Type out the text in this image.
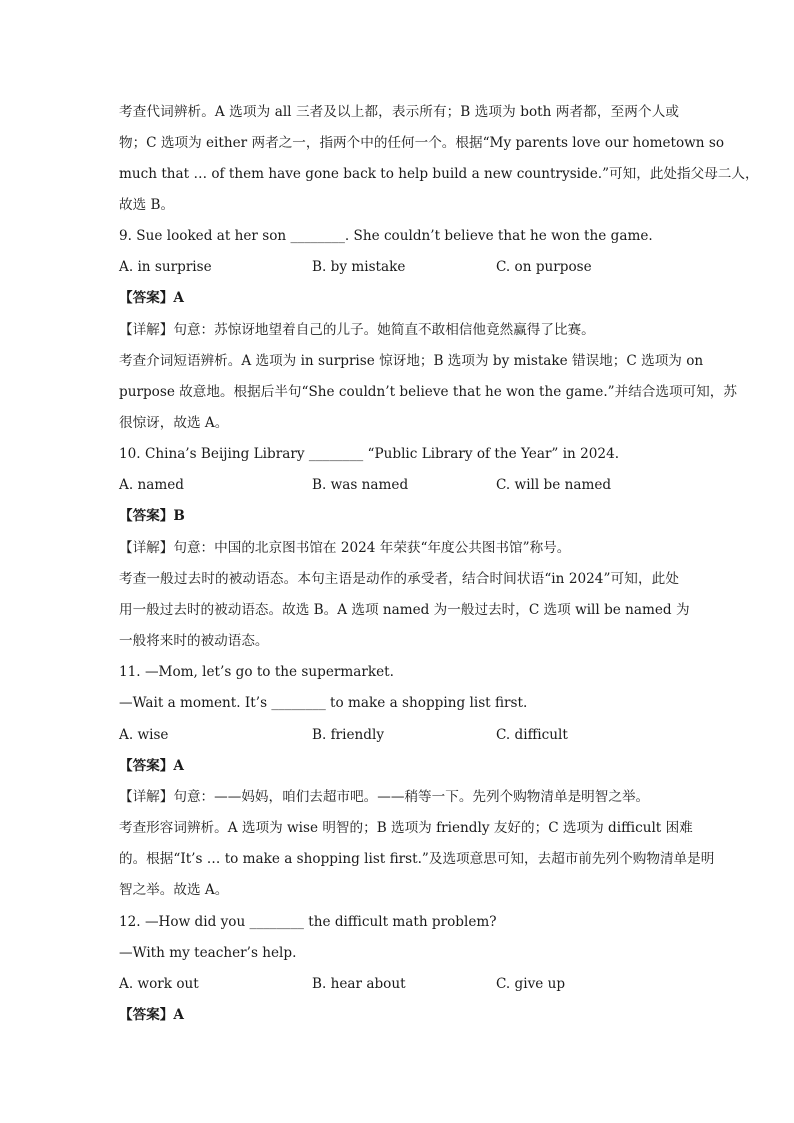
考查代词辨析。A 选项为 all 三者及以上都，表示所有；B 选项为 both 两者都，至两个人或
物；C 选项为 either 两者之一，指两个中的任何一个。根据“My parents love our hometown so
much that … of them have gone back to help build a new countryside.”可知，此处指父母二人，
故选 B。
9. Sue looked at her son ________. She couldn’t believe that he won the game.
A. in surprise	B. by mistake	C. on purpose
【答案】A
【详解】句意：苏惊讶地望着自己的儿子。她简直不敢相信他竟然赢得了比赛。
考查介词短语辨析。A 选项为 in surprise 惊讶地；B 选项为 by mistake 错误地；C 选项为 on
purpose 故意地。根据后半句“She couldn’t believe that he won the game.”并结合选项可知，苏
很惊讶，故选 A。
10. China’s Beijing Library ________ “Public Library of the Year” in 2024.
A. named	B. was named	C. will be named
【答案】B
【详解】句意：中国的北京图书馆在 2024 年荣获“年度公共图书馆”称号。
考查一般过去时的被动语态。本句主语是动作的承受者，结合时间状语“in 2024”可知，此处
用一般过去时的被动语态。故选 B。A 选项 named 为一般过去时，C 选项 will be named 为
一般将来时的被动语态。
11. —Mom, let’s go to the supermarket.
—Wait a moment. It’s ________ to make a shopping list first.
A. wise	B. friendly	C. difficult
【答案】A
【详解】句意：——妈妈，咱们去超市吧。——稍等一下。先列个购物清单是明智之举。
考查形容词辨析。A 选项为 wise 明智的；B 选项为 friendly 友好的；C 选项为 difficult 困难
的。根据“It’s … to make a shopping list first.”及选项意思可知，去超市前先列个购物清单是明
智之举。故选 A。
12. —How did you ________ the difficult math problem?
—With my teacher’s help.
A. work out	B. hear about	C. give up
【答案】A
